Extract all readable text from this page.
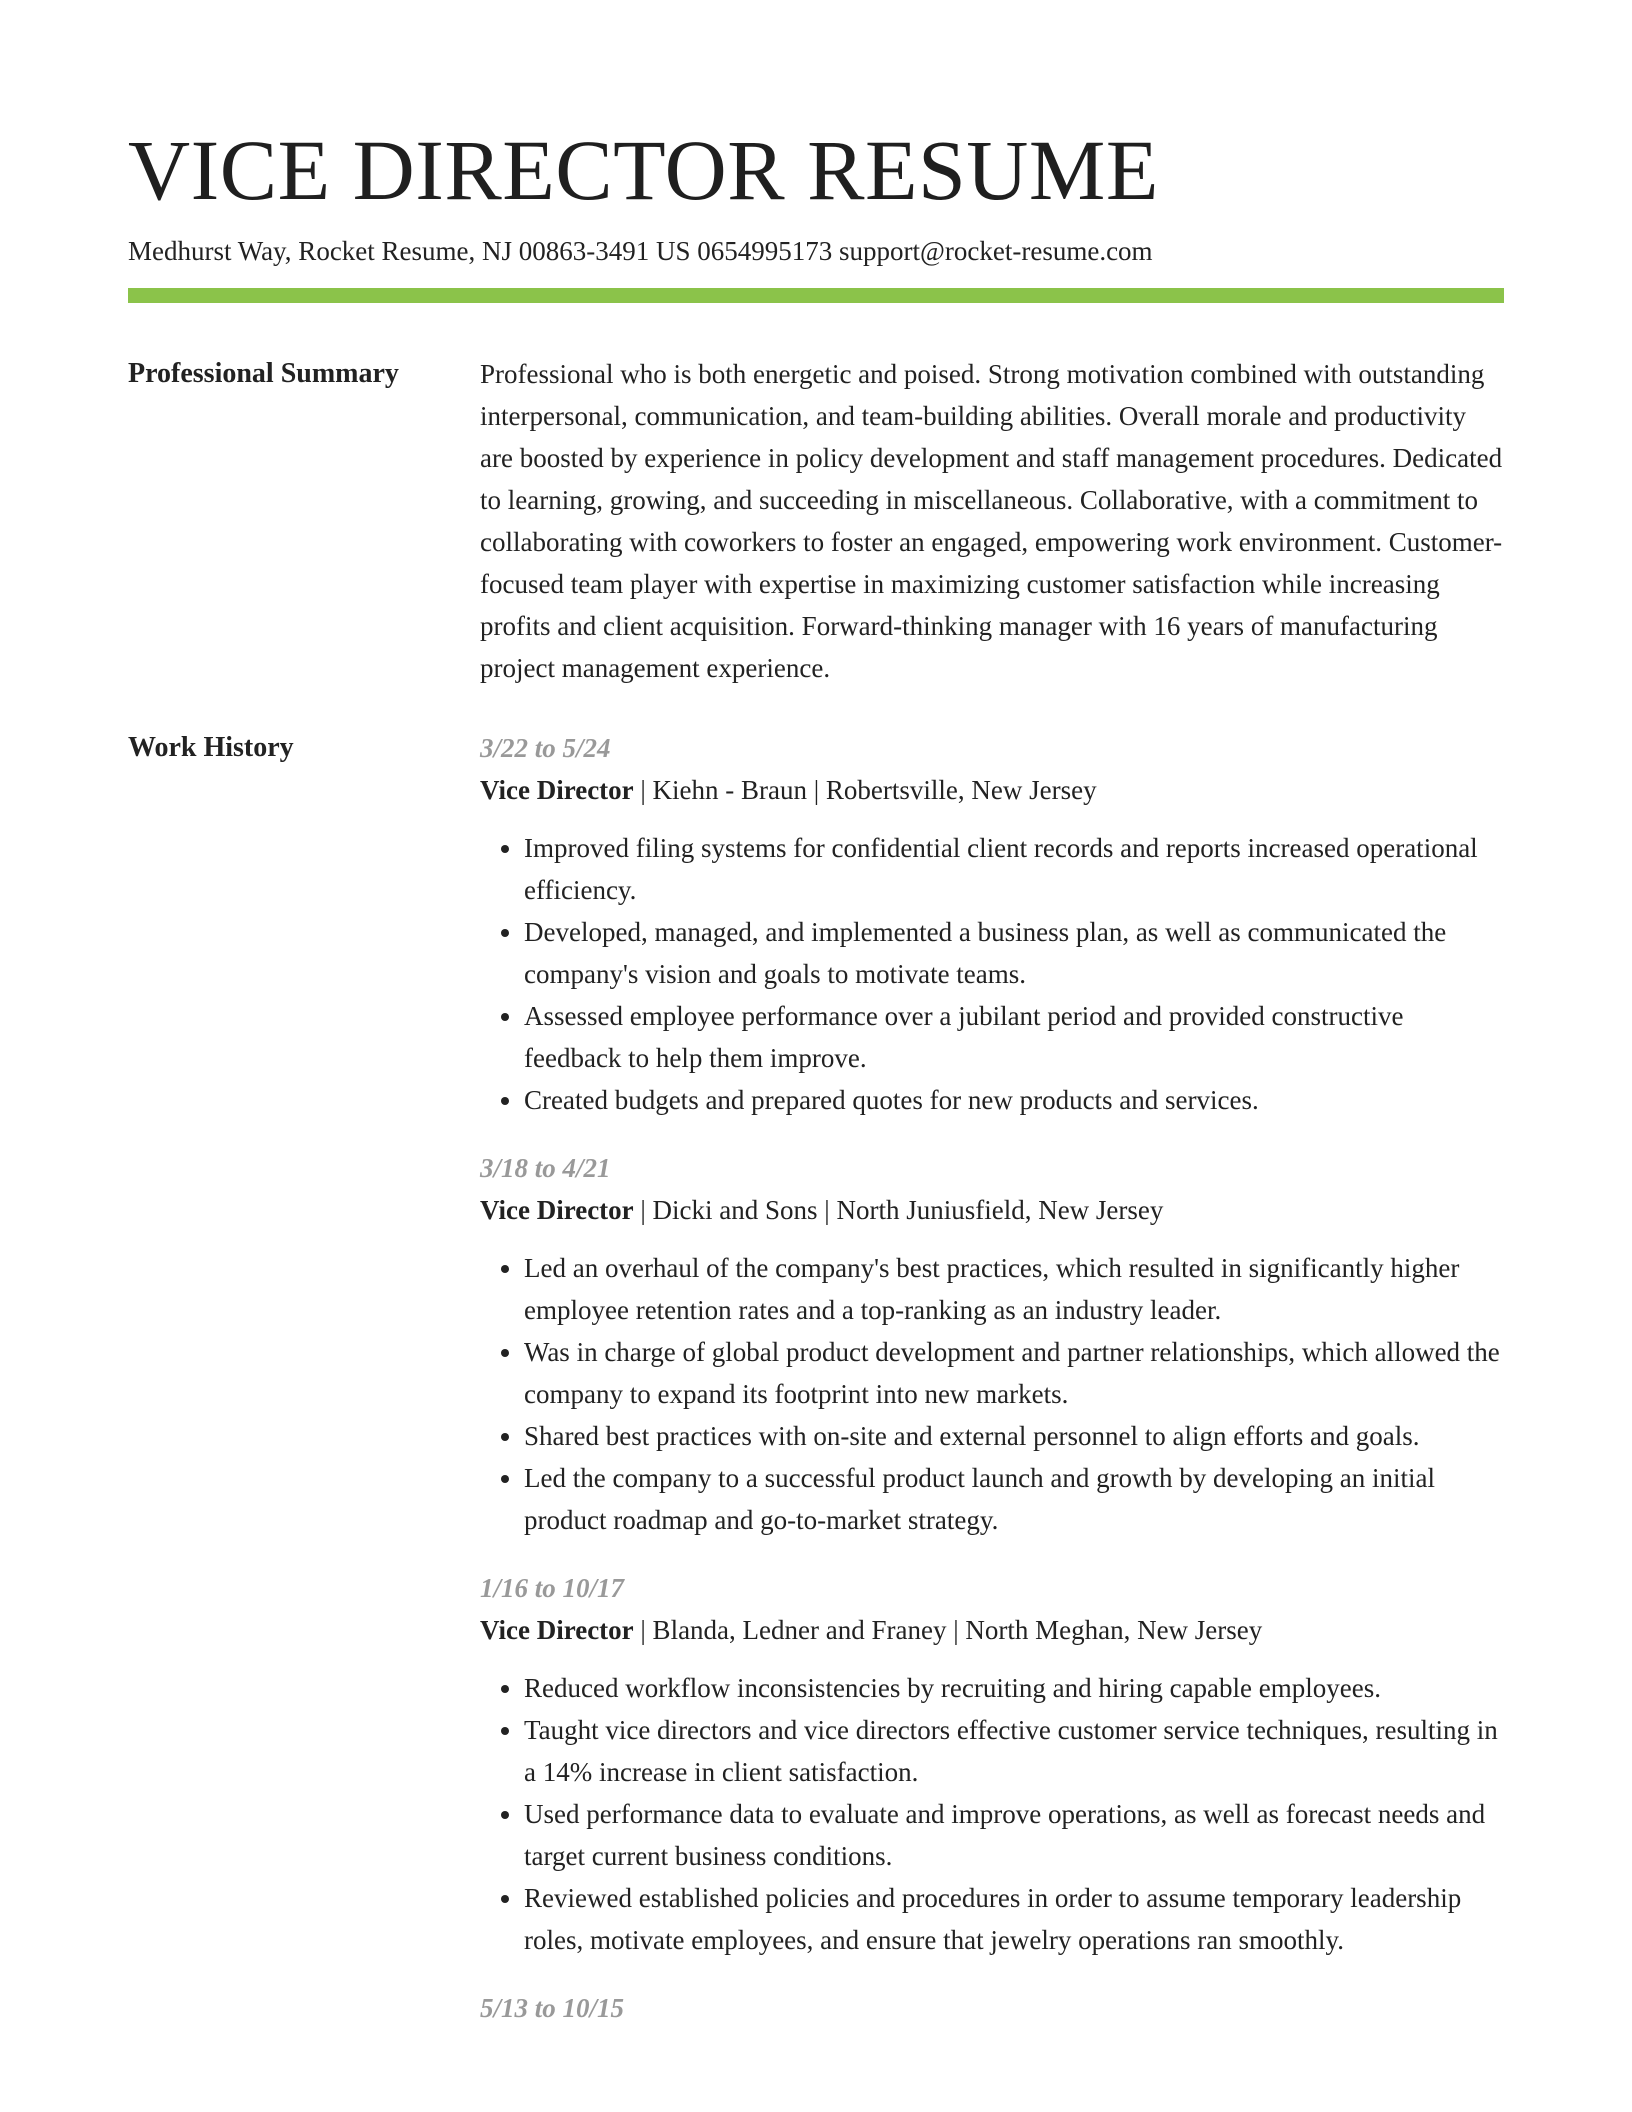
VICE DIRECTOR RESUME
Medhurst Way, Rocket Resume, NJ 00863-3491 US 0654995173 support@rocket-resume.com
Professional Summary	Professional who is both energetic and poised. Strong motivation combined with outstanding interpersonal, communication, and team-building abilities. Overall morale and productivity are boosted by experience in policy development and staff management procedures. Dedicated to learning, growing, and succeeding in miscellaneous. Collaborative, with a commitment to collaborating with coworkers to foster an engaged, empowering work environment. Customer-focused team player with expertise in maximizing customer satisfaction while increasing profits and client acquisition. Forward-thinking manager with 16 years of manufacturing project management experience.
Work History	3/22 to 5/24
Vice Director | Kiehn - Braun | Robertsville, New Jersey
• Improved filing systems for confidential client records and reports increased operational efficiency.
• Developed, managed, and implemented a business plan, as well as communicated the company's vision and goals to motivate teams.
• Assessed employee performance over a jubilant period and provided constructive feedback to help them improve.
• Created budgets and prepared quotes for new products and services.
3/18 to 4/21
Vice Director | Dicki and Sons | North Juniusfield, New Jersey
• Led an overhaul of the company's best practices, which resulted in significantly higher employee retention rates and a top-ranking as an industry leader.
• Was in charge of global product development and partner relationships, which allowed the company to expand its footprint into new markets.
• Shared best practices with on-site and external personnel to align efforts and goals.
• Led the company to a successful product launch and growth by developing an initial product roadmap and go-to-market strategy.
1/16 to 10/17
Vice Director | Blanda, Ledner and Franey | North Meghan, New Jersey
• Reduced workflow inconsistencies by recruiting and hiring capable employees.
• Taught vice directors and vice directors effective customer service techniques, resulting in a 14% increase in client satisfaction.
• Used performance data to evaluate and improve operations, as well as forecast needs and target current business conditions.
• Reviewed established policies and procedures in order to assume temporary leadership roles, motivate employees, and ensure that jewelry operations ran smoothly.
5/13 to 10/15
